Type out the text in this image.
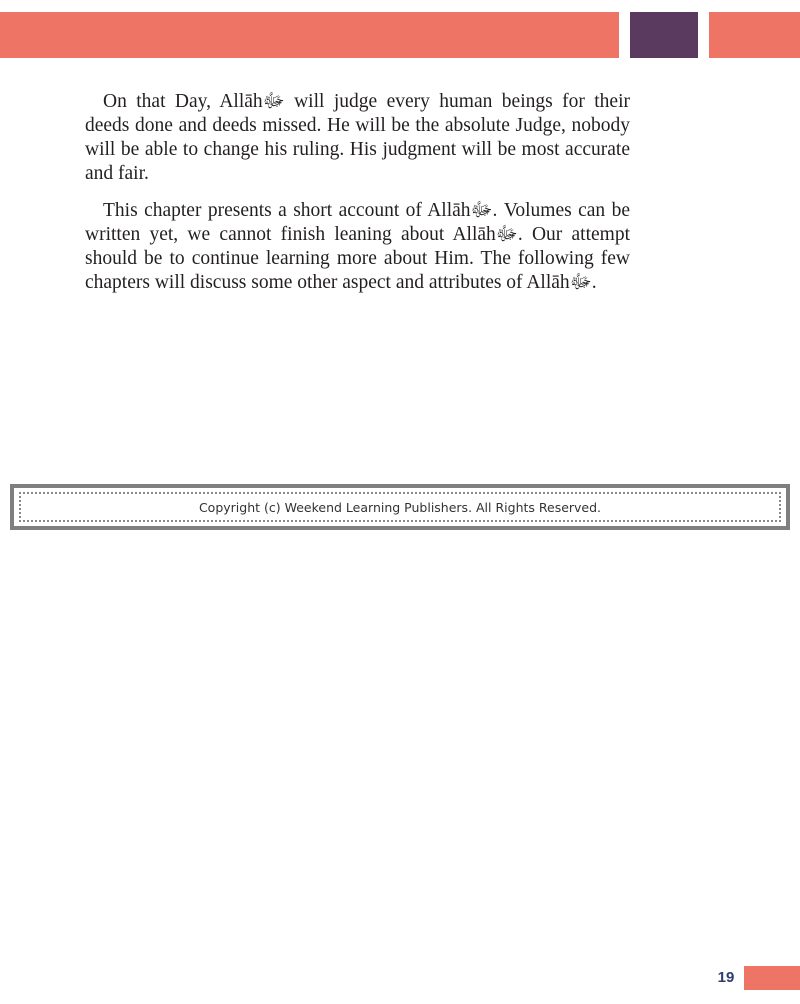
On that Day, Allāhﷻ will judge every human beings for their deeds done and deeds missed. He will be the absolute Judge, nobody will be able to change his ruling. His judgment will be most accurate and fair.

This chapter presents a short account of Allāhﷻ. Volumes can be written yet, we cannot finish leaning about Allāhﷻ. Our attempt should be to continue learning more about Him. The following few chapters will discuss some other aspect and attributes of Allāhﷻ.

Copyright (c) Weekend Learning Publishers. All Rights Reserved.
19
